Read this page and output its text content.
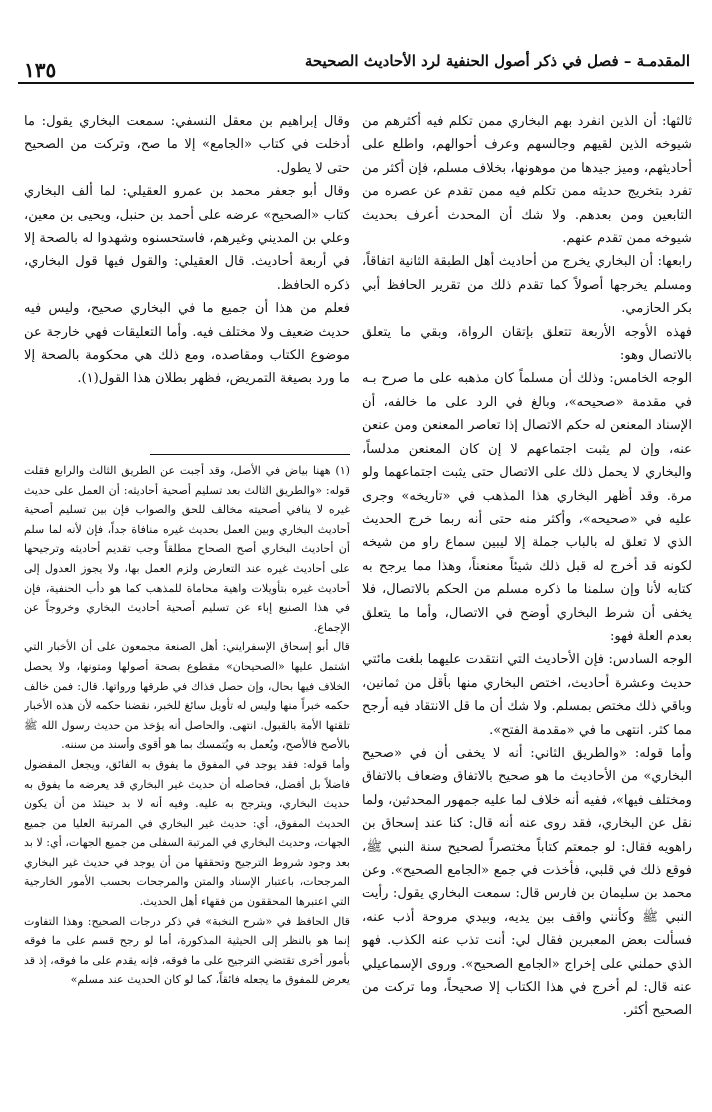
١٣٥	المقدمـة – فصل في ذكر أصول الحنفية لرد الأحاديث الصحيحة

ثالثها: أن الذين انفرد بهم البخاري ممن تكلم فيه أكثرهم من شيوخه الذين لقيهم وجالسهم وعرف أحوالهم، واطلع على أحاديثهم، وميز جيدها من موهونها، بخلاف مسلم، فإن أكثر من تفرد بتخريج حديثه ممن تكلم فيه ممن تقدم عن عصره من التابعين ومن بعدهم. ولا شك أن المحدث أعرف بحديث شيوخه ممن تقدم عنهم.

رابعها: أن البخاري يخرج من أحاديث أهل الطبقة الثانية اتفاقاً، ومسلم يخرجها أصولاً كما تقدم ذلك من تقرير الحافظ أبي بكر الحازمي.

فهذه الأوجه الأربعة تتعلق بإتقان الرواة، وبقي ما يتعلق بالاتصال وهو:

الوجه الخامس: وذلك أن مسلماً كان مذهبه على ما صرح بـه في مقدمة «صحيحه»، وبالغ في الرد على ما خالفه، أن الإسناد المعنعن له حكم الاتصال إذا تعاصر المعنعن ومن عنعن عنه، وإن لم يثبت اجتماعهم لا إن كان المعنعن مدلساً، والبخاري لا يحمل ذلك على الاتصال حتى يثبت اجتماعهما ولو مرة. وقد أظهر البخاري هذا المذهب في «تاريخه» وجرى عليه في «صحيحه»، وأكثر منه حتى أنه ربما خرج الحديث الذي لا تعلق له بالباب جملة إلا ليبين سماع راو من شيخه لكونه قد أخرج له قبل ذلك شيئاً معنعناً، وهذا مما يرجح به كتابه لأنا وإن سلمنا ما ذكره مسلم من الحكم بالاتصال، فلا يخفى أن شرط البخاري أوضح في الاتصال، وأما ما يتعلق بعدم العلة فهو:

الوجه السادس: فإن الأحاديث التي انتقدت عليهما بلغت مائتي حديث وعشرة أحاديث، اختص البخاري منها بأقل من ثمانين، وباقي ذلك مختص بمسلم. ولا شك أن ما قل الانتقاد فيه أرجح مما كثر. انتهى ما في «مقدمة الفتح».

وأما قوله: «والطريق الثاني: أنه لا يخفى أن في «صحيح البخاري» من الأحاديث ما هو صحيح بالاتفاق وضعاف بالاتفاق ومختلف فيها»، ففيه أنه خلاف لما عليه جمهور المحدثين، ولما نقل عن البخاري، فقد روى عنه أنه قال: كنا عند إسحاق بن راهويه فقال: لو جمعتم كتاباً مختصراً لصحيح سنة النبي ﷺ، فوقع ذلك في قلبي، فأخذت في جمع «الجامع الصحيح». وعن محمد بن سليمان بن فارس قال: سمعت البخاري يقول: رأيت النبي ﷺ وكأنني واقف بين يديه، وبيدي مروحة أذب عنه، فسألت بعض المعبرين فقال لي: أنت تذب عنه الكذب. فهو الذي حملني على إخراج «الجامع الصحيح». وروى الإسماعيلي عنه قال: لم أخرج في هذا الكتاب إلا صحيحاً، وما تركت من الصحيح أكثر.

وقال إبراهيم بن معقل النسفي: سمعت البخاري يقول: ما أدخلت في كتاب «الجامع» إلا ما صح، وتركت من الصحيح حتى لا يطول.

وقال أبو جعفر محمد بن عمرو العقيلي: لما ألف البخاري كتاب «الصحيح» عرضه على أحمد بن حنبل، ويحيى بن معين، وعلي بن المديني وغيرهم، فاستحسنوه وشهدوا له بالصحة إلا في أربعة أحاديث. قال العقيلي: والقول فيها قول البخاري، ذكره الحافظ.

فعلم من هذا أن جميع ما في البخاري صحيح، وليس فيه حديث ضعيف ولا مختلف فيه. وأما التعليقات فهي خارجة عن موضوع الكتاب ومقاصده، ومع ذلك هي محكومة بالصحة إلا ما ورد بصيغة التمريض، فظهر بطلان هذا القول(١).

(١) ههنا بياض في الأصل، وقد أجبت عن الطريق الثالث والرابع فقلت قوله: «والطريق الثالث بعد تسليم أصحية أحاديثه: أن العمل على حديث غيره لا ينافي أصحيته مخالف للحق والصواب فإن بين تسليم أصحية أحاديث البخاري وبين العمل بحديث غيره منافاة جداً، فإن لأنه لما سلم أن أحاديث البخاري أصح الصحاح مطلقاً وجب تقديم أحاديثه وترجيحها على أحاديث غيره عند التعارض ولزم العمل بها، ولا يجوز العدول إلى أحاديث غيره بتأويلات واهية محاماة للمذهب كما هو دأب الحنفية، فإن في هذا الصنيع إباء عن تسليم أصحية أحاديث البخاري وخروجاً عن الإجماع.

قال أبو إسحاق الإسفرايني: أهل الصنعة مجمعون على أن الأخبار التي اشتمل عليها «الصحيحان» مقطوع بصحة أصولها ومتونها، ولا يحصل الخلاف فيها بحال، وإن حصل فذاك في طرقها ورواتها. قال: فمن خالف حكمه خبراً منها وليس له تأويل سائغ للخبر، نقضنا حكمه لأن هذه الأخبار تلقتها الأمة بالقبول. انتهى. والحاصل أنه يؤخذ من حديث رسول الله ﷺ بالأصح فالأصح، ويُعمل به ويُتمسك بما هو أقوى وأسند من سننه.

وأما قوله: فقد يوجد في المفوق ما يفوق به الفائق، ويجعل المفضول فاضلاً بل أفضل، فحاصله أن حديث غير البخاري قد يعرضه ما يفوق به حديث البخاري، ويترجح به عليه. وفيه أنه لا بد حينئذ من أن يكون الحديث المفوق، أي: حديث غير البخاري في المرتبة العليا من جميع الجهات، وحديث البخاري في المرتبة السفلى من جميع الجهات، أي: لا بد بعد وجود شروط الترجيح وتحققها من أن يوجد في حديث غير البخاري المرجحات، باعتبار الإسناد والمتن والمرجحات بحسب الأمور الخارجية التي اعتبرها المحققون من فقهاء أهل الحديث.

قال الحافظ في «شرح النخبة» في ذكر درجات الصحيح: وهذا التفاوت إنما هو بالنظر إلى الحيثية المذكورة، أما لو رجح قسم على ما فوقه بأمور أخرى تقتضي الترجيح على ما فوقه، فإنه يقدم على ما فوقه، إذ قد يعرض للمفوق ما يجعله فائقاً، كما لو كان الحديث عند مسلم»
